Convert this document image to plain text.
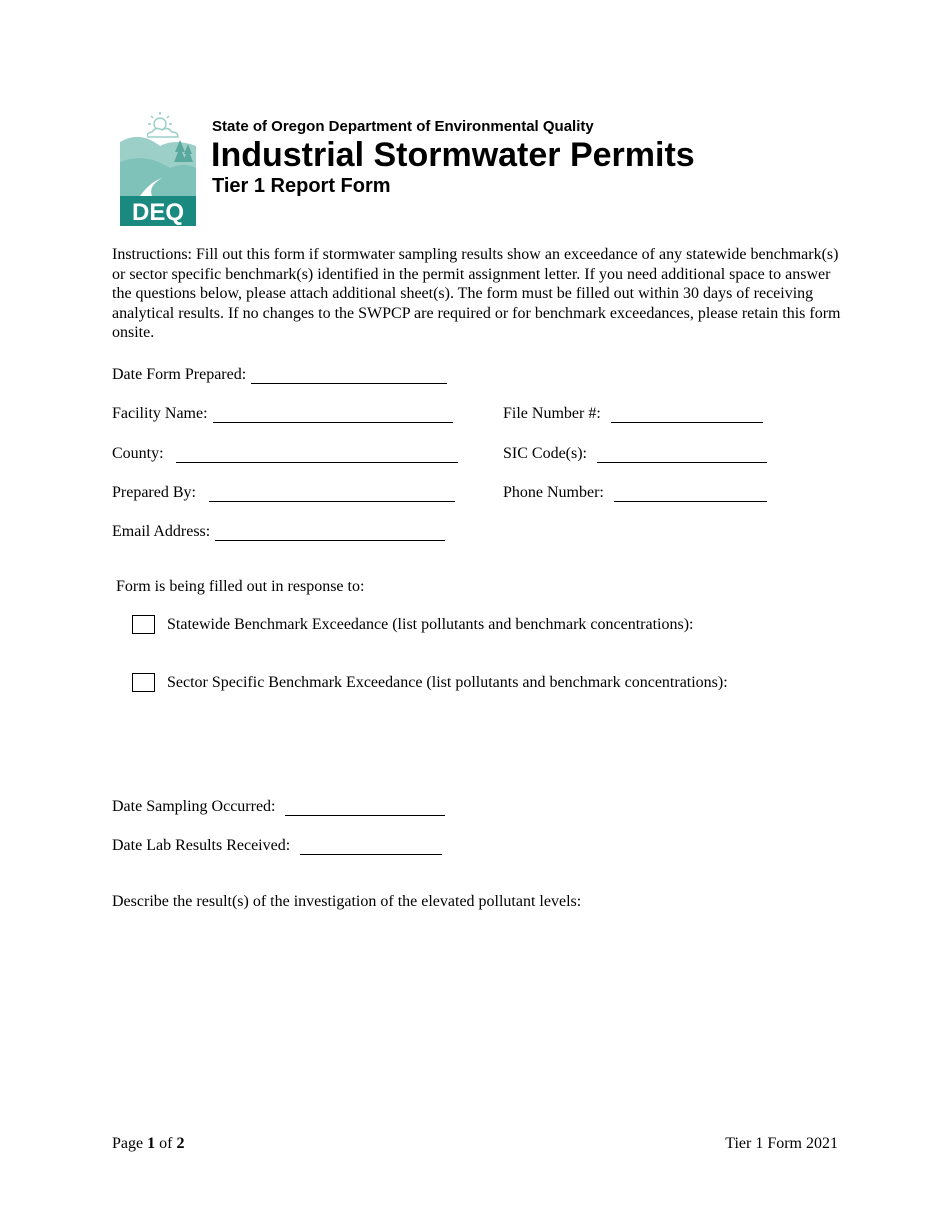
DEQ
State of Oregon Department of Environmental Quality
Industrial Stormwater Permits
Tier 1 Report Form
Instructions: Fill out this form if stormwater sampling results show an exceedance of any statewide benchmark(s) or sector specific benchmark(s) identified in the permit assignment letter. If you need additional space to answer the questions below, please attach additional sheet(s). The form must be filled out within 30 days of receiving analytical results. If no changes to the SWPCP are required or for benchmark exceedances, please retain this form onsite.
Date Form Prepared:
Facility Name:	File Number #:
County:	SIC Code(s):
Prepared By:	Phone Number:
Email Address:
Form is being filled out in response to:
Statewide Benchmark Exceedance (list pollutants and benchmark concentrations):
Sector Specific Benchmark Exceedance (list pollutants and benchmark concentrations):
Date Sampling Occurred:
Date Lab Results Received:
Describe the result(s) of the investigation of the elevated pollutant levels:
Page 1 of 2	Tier 1 Form 2021
